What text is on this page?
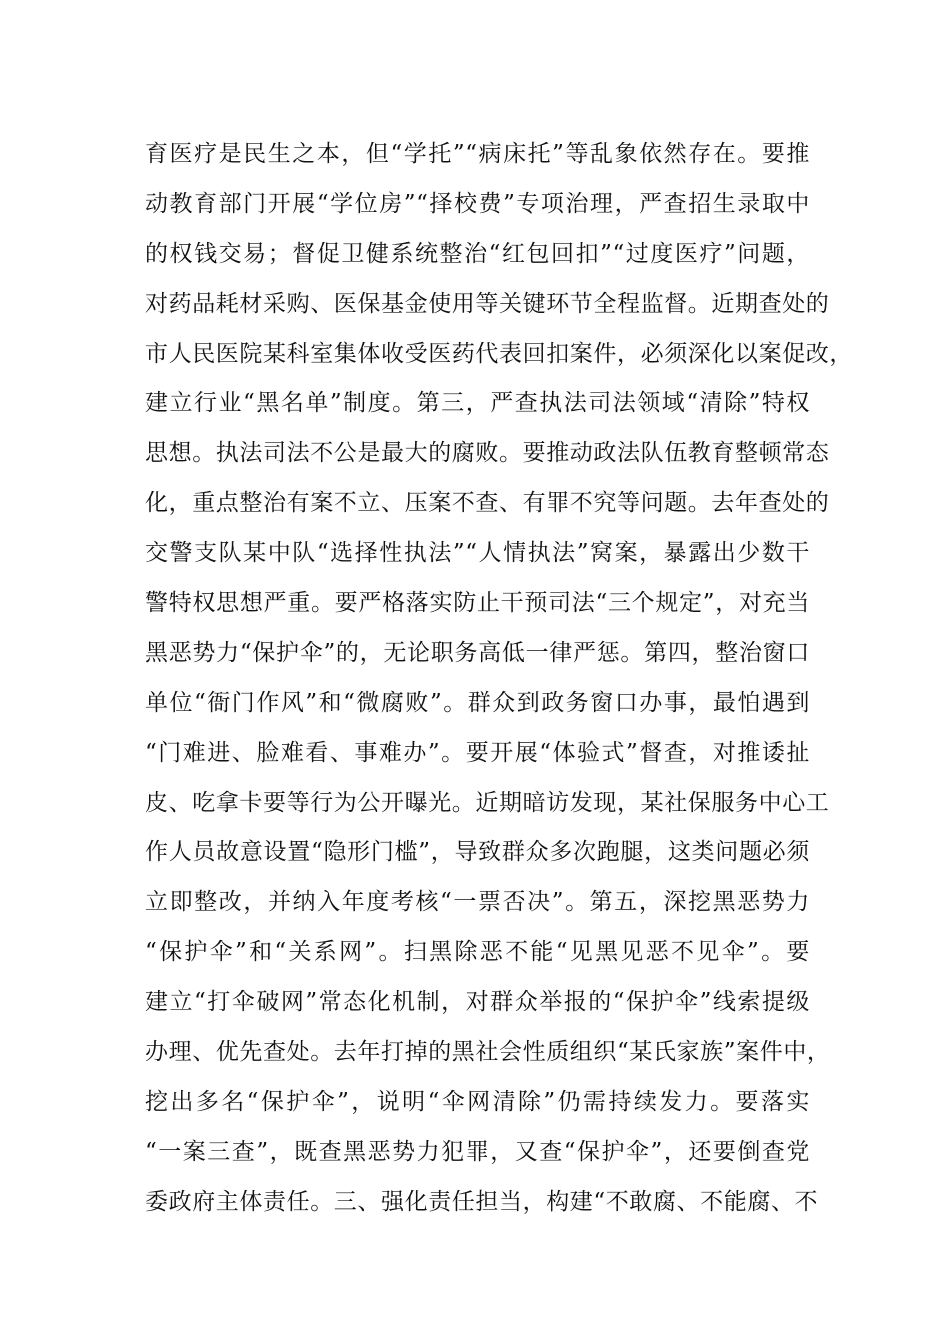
育医疗是民生之本，但“学托”“病床托”等乱象依然存在。要推
动教育部门开展“学位房”“择校费”专项治理，严查招生录取中
的权钱交易；督促卫健系统整治“红包回扣”“过度医疗”问题，
对药品耗材采购、医保基金使用等关键环节全程监督。近期查处的
市人民医院某科室集体收受医药代表回扣案件，必须深化以案促改，
建立行业“黑名单”制度。第三，严查执法司法领域“清除”特权
思想。执法司法不公是最大的腐败。要推动政法队伍教育整顿常态
化，重点整治有案不立、压案不查、有罪不究等问题。去年查处的
交警支队某中队“选择性执法”“人情执法”窝案，暴露出少数干
警特权思想严重。要严格落实防止干预司法“三个规定”，对充当
黑恶势力“保护伞”的，无论职务高低一律严惩。第四，整治窗口
单位“衙门作风”和“微腐败”。群众到政务窗口办事，最怕遇到
“门难进、脸难看、事难办”。要开展“体验式”督查，对推诿扯
皮、吃拿卡要等行为公开曝光。近期暗访发现，某社保服务中心工
作人员故意设置“隐形门槛”，导致群众多次跑腿，这类问题必须
立即整改，并纳入年度考核“一票否决”。第五，深挖黑恶势力
“保护伞”和“关系网”。扫黑除恶不能“见黑见恶不见伞”。要
建立“打伞破网”常态化机制，对群众举报的“保护伞”线索提级
办理、优先查处。去年打掉的黑社会性质组织“某氏家族”案件中，
挖出多名“保护伞”，说明“伞网清除”仍需持续发力。要落实
“一案三查”，既查黑恶势力犯罪，又查“保护伞”，还要倒查党
委政府主体责任。三、强化责任担当，构建“不敢腐、不能腐、不
